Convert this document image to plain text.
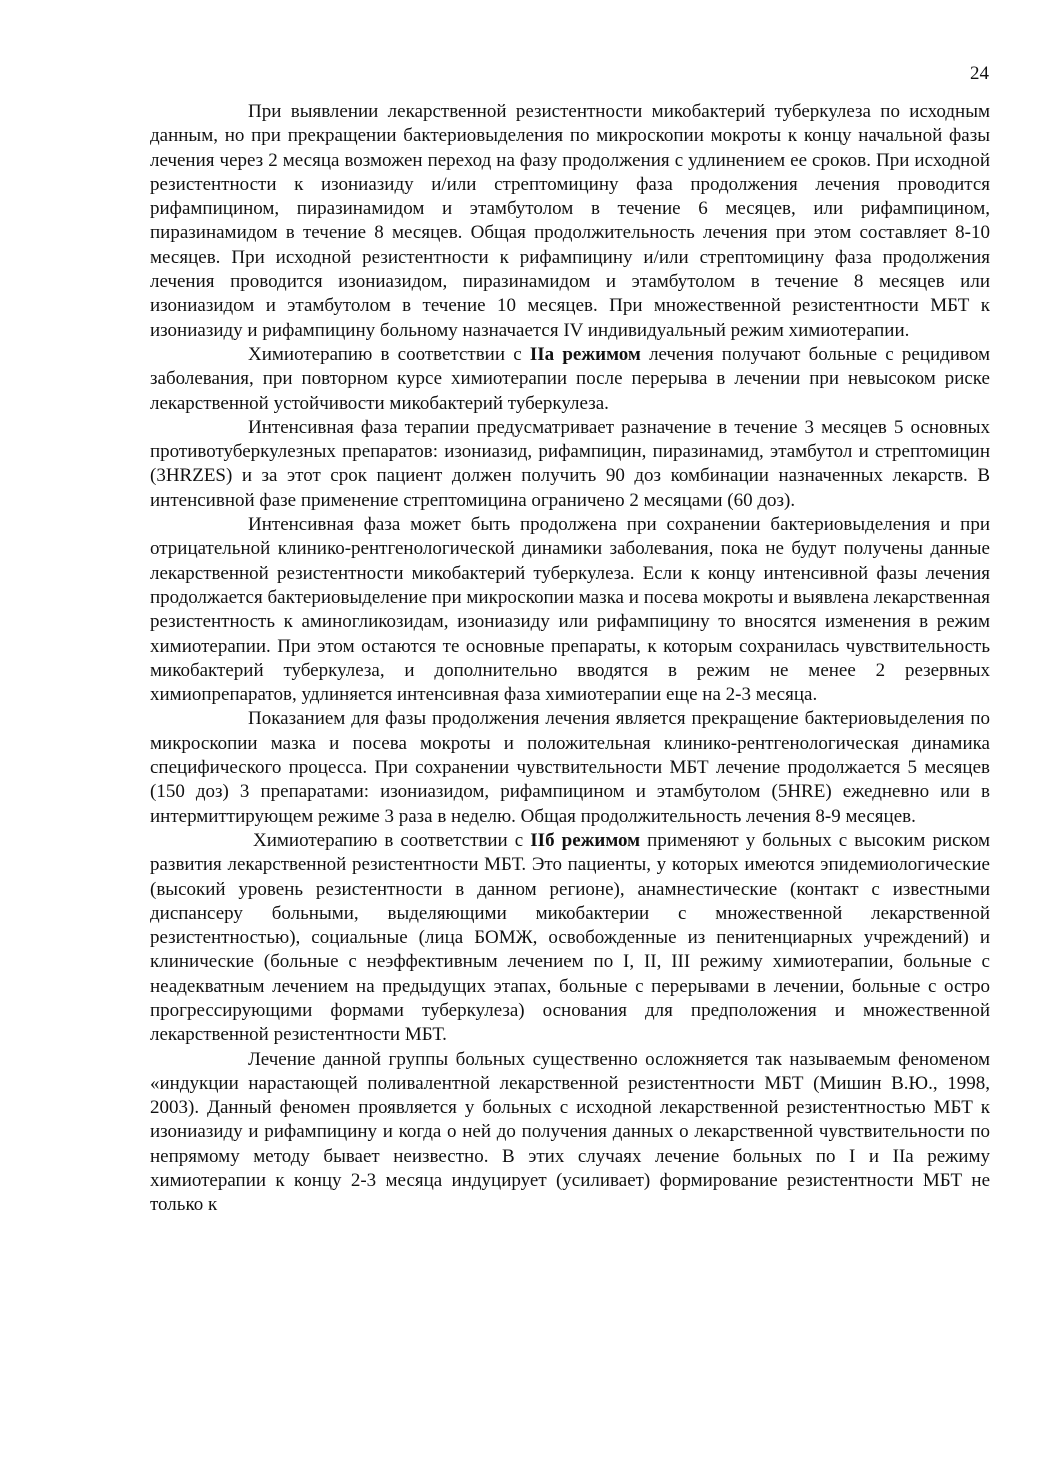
24

При выявлении лекарственной резистентности микобактерий туберкулеза по исходным данным, но при прекращении бактериовыделения по микроскопии мокроты к концу начальной фазы лечения через 2 месяца возможен переход на фазу продолжения с удлинением ее сроков. При исходной резистентности к изониазиду и/или стрептомицину фаза продолжения лечения проводится рифампицином, пиразинамидом и этамбутолом в течение 6 месяцев, или рифампицином, пиразинамидом в течение 8 месяцев. Общая продолжительность лечения при этом составляет 8-10 месяцев. При исходной резистентности к рифампицину и/или стрептомицину фаза продолжения лечения проводится изониазидом, пиразинамидом и этамбутолом в течение 8 месяцев или изониазидом и этамбутолом в течение 10 месяцев. При множественной резистентности МБТ к изониазиду и рифампицину больному назначается IV индивидуальный режим химиотерапии.

Химиотерапию в соответствии с IIа режимом лечения получают больные с рецидивом заболевания, при повторном курсе химиотерапии после перерыва в лечении при невысоком риске лекарственной устойчивости микобактерий туберкулеза.

Интенсивная фаза терапии предусматривает разначение в течение 3 месяцев 5 основных противотуберкулезных препаратов: изониазид, рифампицин, пиразинамид, этамбутол и стрептомицин (3HRZES) и за этот срок пациент должен получить 90 доз комбинации назначенных лекарств. В интенсивной фазе применение стрептомицина ограничено 2 месяцами (60 доз).

Интенсивная фаза может быть продолжена при сохранении бактериовыделения и при отрицательной клинико-рентгенологической динамики заболевания, пока не будут получены данные лекарственной резистентности микобактерий туберкулеза. Если к концу интенсивной фазы лечения продолжается бактериовыделение при микроскопии мазка и посева мокроты и выявлена лекарственная резистентность к аминогликозидам, изониазиду или рифампицину то вносятся изменения в режим химиотерапии. При этом остаются те основные препараты, к которым сохранилась чувствительность микобактерий туберкулеза, и дополнительно вводятся в режим не менее 2 резервных химиопрепаратов, удлиняется интенсивная фаза химиотерапии еще на 2-3 месяца.

Показанием для фазы продолжения лечения является прекращение бактериовыделения по микроскопии мазка и посева мокроты и положительная клинико-рентгенологическая динамика специфического процесса. При сохранении чувствительности МБТ лечение продолжается 5 месяцев (150 доз) 3 препаратами: изониазидом, рифампицином и этамбутолом (5HRE) ежедневно или в интермиттирующем режиме 3 раза в неделю. Общая продолжительность лечения 8-9 месяцев.

Химиотерапию в соответствии с IIб режимом применяют у больных с высоким риском развития лекарственной резистентности МБТ. Это пациенты, у которых имеются эпидемиологические (высокий уровень резистентности в данном регионе), анамнестические (контакт с известными диспансеру больными, выделяющими микобактерии с множественной лекарственной резистентностью), социальные (лица БОМЖ, освобожденные из пенитенциарных учреждений) и клинические (больные с неэффективным лечением по I, II, III режиму химиотерапии, больные с неадекватным лечением на предыдущих этапах, больные с перерывами в лечении, больные с остро прогрессирующими формами туберкулеза) основания для предположения и множественной лекарственной резистентности МБТ.

Лечение данной группы больных существенно осложняется так называемым феноменом «индукции нарастающей поливалентной лекарственной резистентности МБТ (Мишин В.Ю., 1998, 2003). Данный феномен проявляется у больных с исходной лекарственной резистентностью МБТ к изониазиду и рифампицину и когда о ней до получения данных о лекарственной чувствительности по непрямому методу бывает неизвестно. В этих случаях лечение больных по I и IIа режиму химиотерапии к концу 2-3 месяца индуцирует (усиливает) формирование резистентности МБТ не только к
